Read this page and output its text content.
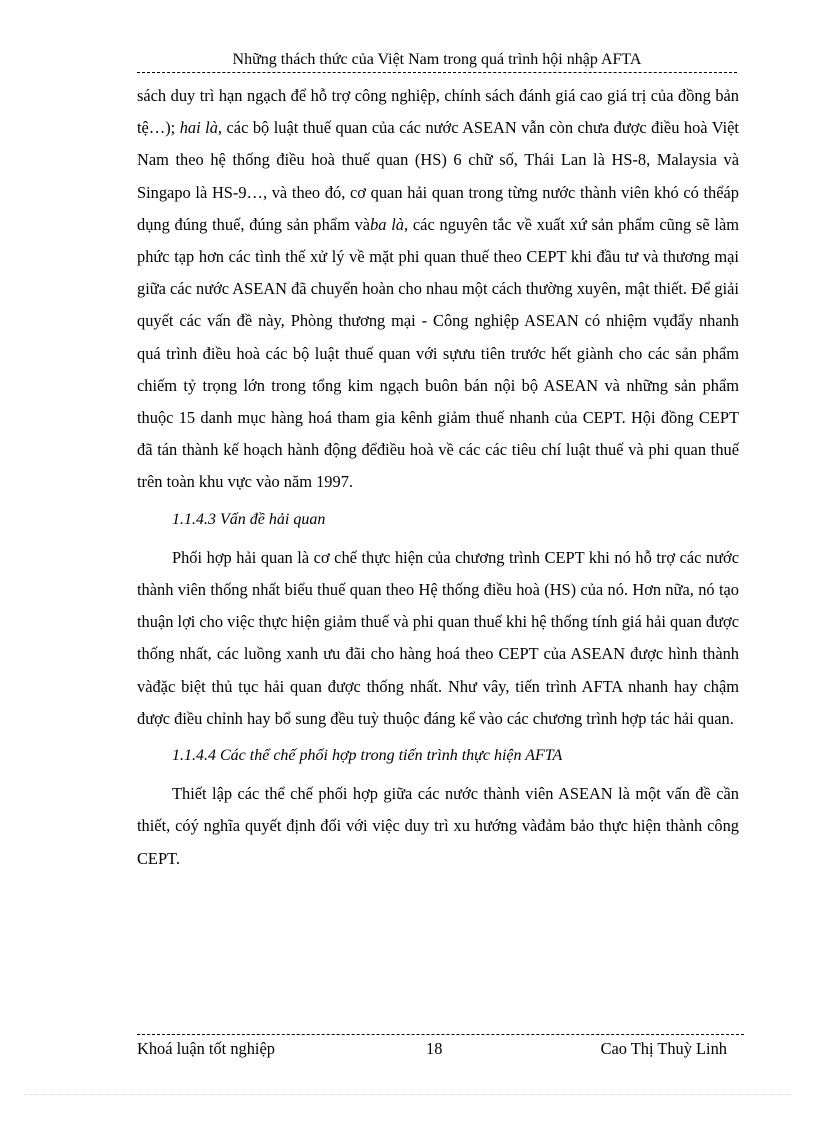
Những thách thức của Việt Nam trong quá trình hội nhập AFTA

sách duy trì hạn ngạch để hỗ trợ công nghiệp, chính sách đánh giá cao giá trị của đồng bản tệ…); hai là, các bộ luật thuế quan của các nước ASEAN vẫn còn chưa được điều hoà Việt Nam theo hệ thống điều hoà thuế quan (HS) 6 chữ số, Thái Lan là HS-8, Malaysia và Singapo là HS-9…, và theo đó, cơ quan hải quan trong từng nước thành viên khó có thểáp dụng đúng thuế, đúng sản phẩm vàba là, các nguyên tắc về xuất xứ sản phẩm cũng sẽ làm phức tạp hơn các tình thế xử lý về mặt phi quan thuế theo CEPT khi đầu tư và thương mại giữa các nước ASEAN đã chuyển hoàn cho nhau một cách thường xuyên, mật thiết. Để giải quyết các vấn đề này, Phòng thương mại - Công nghiệp ASEAN có nhiệm vụđẩy nhanh quá trình điều hoà các bộ luật thuế quan với sựưu tiên trước hết giành cho các sản phẩm chiếm tỷ trọng lớn trong tổng kim ngạch buôn bán nội bộ ASEAN và những sản phẩm thuộc 15 danh mục hàng hoá tham gia kênh giảm thuế nhanh của CEPT. Hội đồng CEPT đã tán thành kế hoạch hành động đểđiều hoà về các các tiêu chí luật thuế và phi quan thuế trên toàn khu vực vào năm 1997.

1.1.4.3 Vấn đề hải quan

Phối hợp hải quan là cơ chế thực hiện của chương trình CEPT khi nó hỗ trợ các nước thành viên thống nhất biểu thuế quan theo Hệ thống điều hoà (HS) của nó. Hơn nữa, nó tạo thuận lợi cho việc thực hiện giảm thuế và phi quan thuế khi hệ thống tính giá hải quan được thống nhất, các luồng xanh ưu đãi cho hàng hoá theo CEPT của ASEAN được hình thành vàđặc biệt thủ tục hải quan được thống nhất. Như vây, tiến trình AFTA nhanh hay chậm được điều chỉnh hay bổ sung đều tuỳ thuộc đáng kể vào các chương trình hợp tác hải quan.

1.1.4.4 Các thể chế phối hợp trong tiến trình thực hiện AFTA

Thiết lập các thể chế phối hợp giữa các nước thành viên ASEAN là một vấn đề cần thiết, cóý nghĩa quyết định đối với việc duy trì xu hướng vàđảm bảo thực hiện thành công CEPT.

Khoá luận tốt nghiệp	18	Cao Thị Thuỳ Linh
